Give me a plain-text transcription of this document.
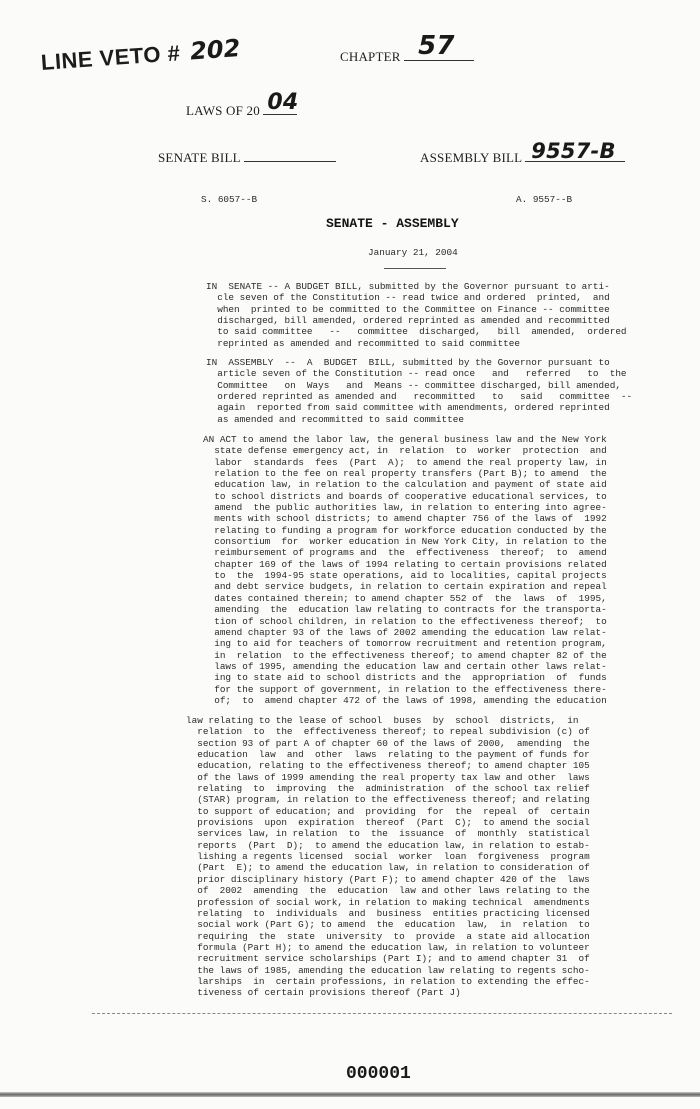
LINE VETO # 202	CHAPTER 57
LAWS OF 20 04
SENATE BILL	ASSEMBLY BILL 9557-B
S. 6057--B	A. 9557--B
SENATE - ASSEMBLY
January 21, 2004
IN  SENATE -- A BUDGET BILL, submitted by the Governor pursuant to arti-
cle seven of the Constitution -- read twice and ordered  printed,  and
when  printed to be committed to the Committee on Finance -- committee
discharged, bill amended, ordered reprinted as amended and recommitted
to said committee   --   committee  discharged,   bill  amended,  ordered
reprinted as amended and recommitted to said committee
IN  ASSEMBLY  --  A  BUDGET  BILL, submitted by the Governor pursuant to
article seven of the Constitution -- read once   and   referred   to  the
Committee   on  Ways   and  Means -- committee discharged, bill amended,
ordered reprinted as amended and   recommitted   to   said   committee  --
again  reported from said committee with amendments, ordered reprinted
as amended and recommitted to said committee
AN ACT to amend the labor law, the general business law and the New York
state defense emergency act, in  relation  to  worker  protection  and
labor  standards  fees  (Part  A);  to amend the real property law, in
relation to the fee on real property transfers (Part B); to amend  the
education law, in relation to the calculation and payment of state aid
to school districts and boards of cooperative educational services, to
amend  the public authorities law, in relation to entering into agree-
ments with school districts; to amend chapter 756 of the laws of  1992
relating to funding a program for workforce education conducted by the
consortium  for  worker education in New York City, in relation to the
reimbursement of programs and  the  effectiveness  thereof;  to  amend
chapter 169 of the laws of 1994 relating to certain provisions related
to  the  1994-95 state operations, aid to localities, capital projects
and debt service budgets, in relation to certain expiration and repeal
dates contained therein; to amend chapter 552 of  the  laws  of  1995,
amending  the  education law relating to contracts for the transporta-
tion of school children, in relation to the effectiveness thereof;  to
amend chapter 93 of the laws of 2002 amending the education law relat-
ing to aid for teachers of tomorrow recruitment and retention program,
in  relation  to the effectiveness thereof; to amend chapter 82 of the
laws of 1995, amending the education law and certain other laws relat-
ing to state aid to school districts and the  appropriation  of  funds
for the support of government, in relation to the effectiveness there-
of;  to  amend chapter 472 of the laws of 1998, amending the education
law relating to the lease of school  buses  by  school  districts,  in
relation  to  the  effectiveness thereof; to repeal subdivision (c) of
section 93 of part A of chapter 60 of the laws of 2000,  amending  the
education  law  and  other  laws  relating to the payment of funds for
education, relating to the effectiveness thereof; to amend chapter 105
of the laws of 1999 amending the real property tax law and other  laws
relating  to  improving  the  administration  of the school tax relief
(STAR) program, in relation to the effectiveness thereof; and relating
to support of education; and  providing  for  the  repeal  of  certain
provisions  upon  expiration  thereof  (Part  C);  to amend the social
services law, in relation  to  the  issuance  of  monthly  statistical
reports  (Part  D);  to amend the education law, in relation to estab-
lishing a regents licensed  social  worker  loan  forgiveness  program
(Part  E); to amend the education law, in relation to consideration of
prior disciplinary history (Part F); to amend chapter 420 of the  laws
of  2002  amending  the  education  law and other laws relating to the
profession of social work, in relation to making technical  amendments
relating  to  individuals  and  business  entities practicing licensed
social work (Part G); to amend  the  education  law,  in  relation  to
requiring  the  state  university  to  provide  a state aid allocation
formula (Part H); to amend the education law, in relation to volunteer
recruitment service scholarships (Part I); and to amend chapter 31  of
the laws of 1985, amending the education law relating to regents scho-
larships  in  certain professions, in relation to extending the effec-
tiveness of certain provisions thereof (Part J)
000001
